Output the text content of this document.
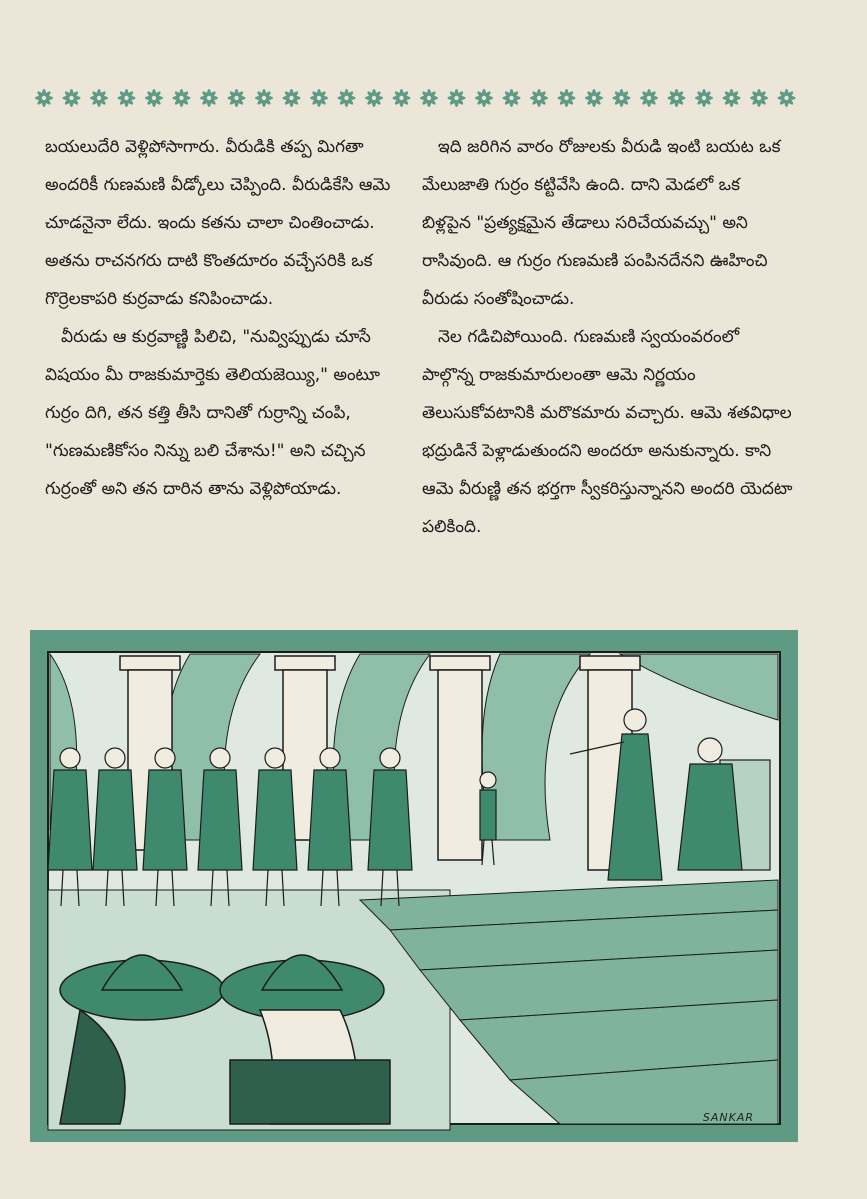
బయలుదేరి వెళ్లిపోసాగారు. వీరుడికి తప్ప మిగతా అందరికీ గుణమణి వీడ్కోలు చెప్పింది. వీరుడికేసి ఆమె చూడనైనా లేదు. ఇందు కతను చాలా చింతించాడు. అతను రాచనగరు దాటి కొంతదూరం వచ్చేసరికి ఒక గొర్రెలకాపరి కుర్రవాడు కనిపించాడు.

వీరుడు ఆ కుర్రవాణ్ణి పిలిచి, "నువ్విప్పుడు చూసే విషయం మీ రాజకుమార్తెకు తెలియజెయ్యి," అంటూ గుర్రం దిగి, తన కత్తి తీసి దానితో గుర్రాన్ని చంపి, "గుణమణికోసం నిన్ను బలి చేశాను!" అని చచ్చిన గుర్రంతో అని తన దారిన తాను వెళ్లిపోయాడు.

ఇది జరిగిన వారం రోజులకు వీరుడి ఇంటి బయట ఒక మేలుజాతి గుర్రం కట్టివేసి ఉంది. దాని మెడలో ఒక బిళ్లపైన "ప్రత్యక్షమైన తేడాలు సరిచేయవచ్చు" అని రాసివుంది. ఆ గుర్రం గుణమణి పంపినదేనని ఊహించి వీరుడు సంతోషించాడు.

నెల గడిచిపోయింది. గుణమణి స్వయంవరంలో పాల్గొన్న రాజకుమారులంతా ఆమె నిర్ణయం తెలుసుకోవటానికి మరొకమారు వచ్చారు. ఆమె శతవిధాల భద్రుడినే పెళ్లాడుతుందని అందరూ అనుకున్నారు. కాని ఆమె వీరుణ్ణి తన భర్తగా స్వీకరిస్తున్నానని అందరి యెదటా పలికింది.

SANKAR
